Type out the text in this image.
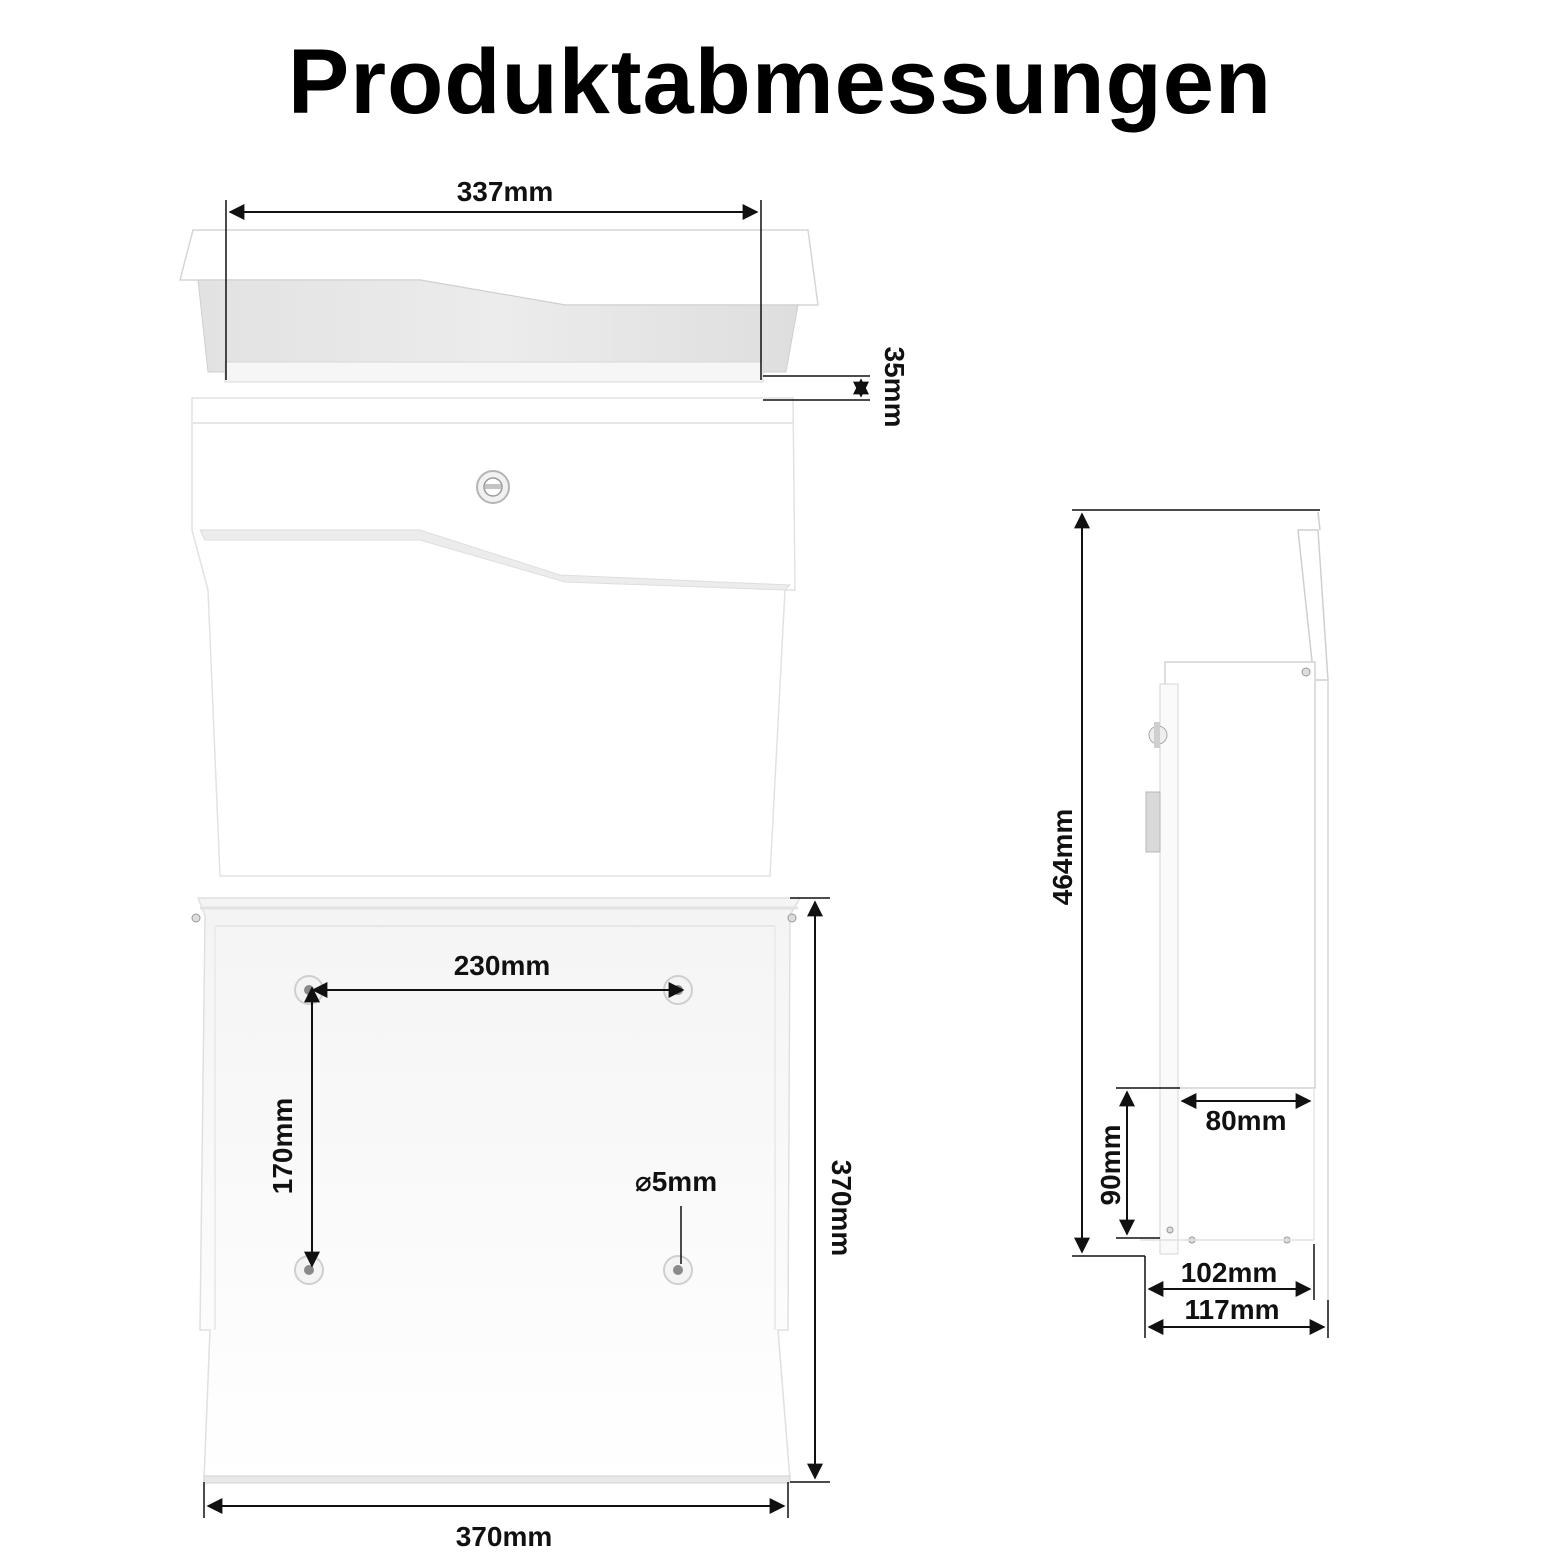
Produktabmessungen
337mm
35mm
230mm
170mm	⌀5mm	370mm
370mm
464mm
90mm
80mm
102mm
117mm
